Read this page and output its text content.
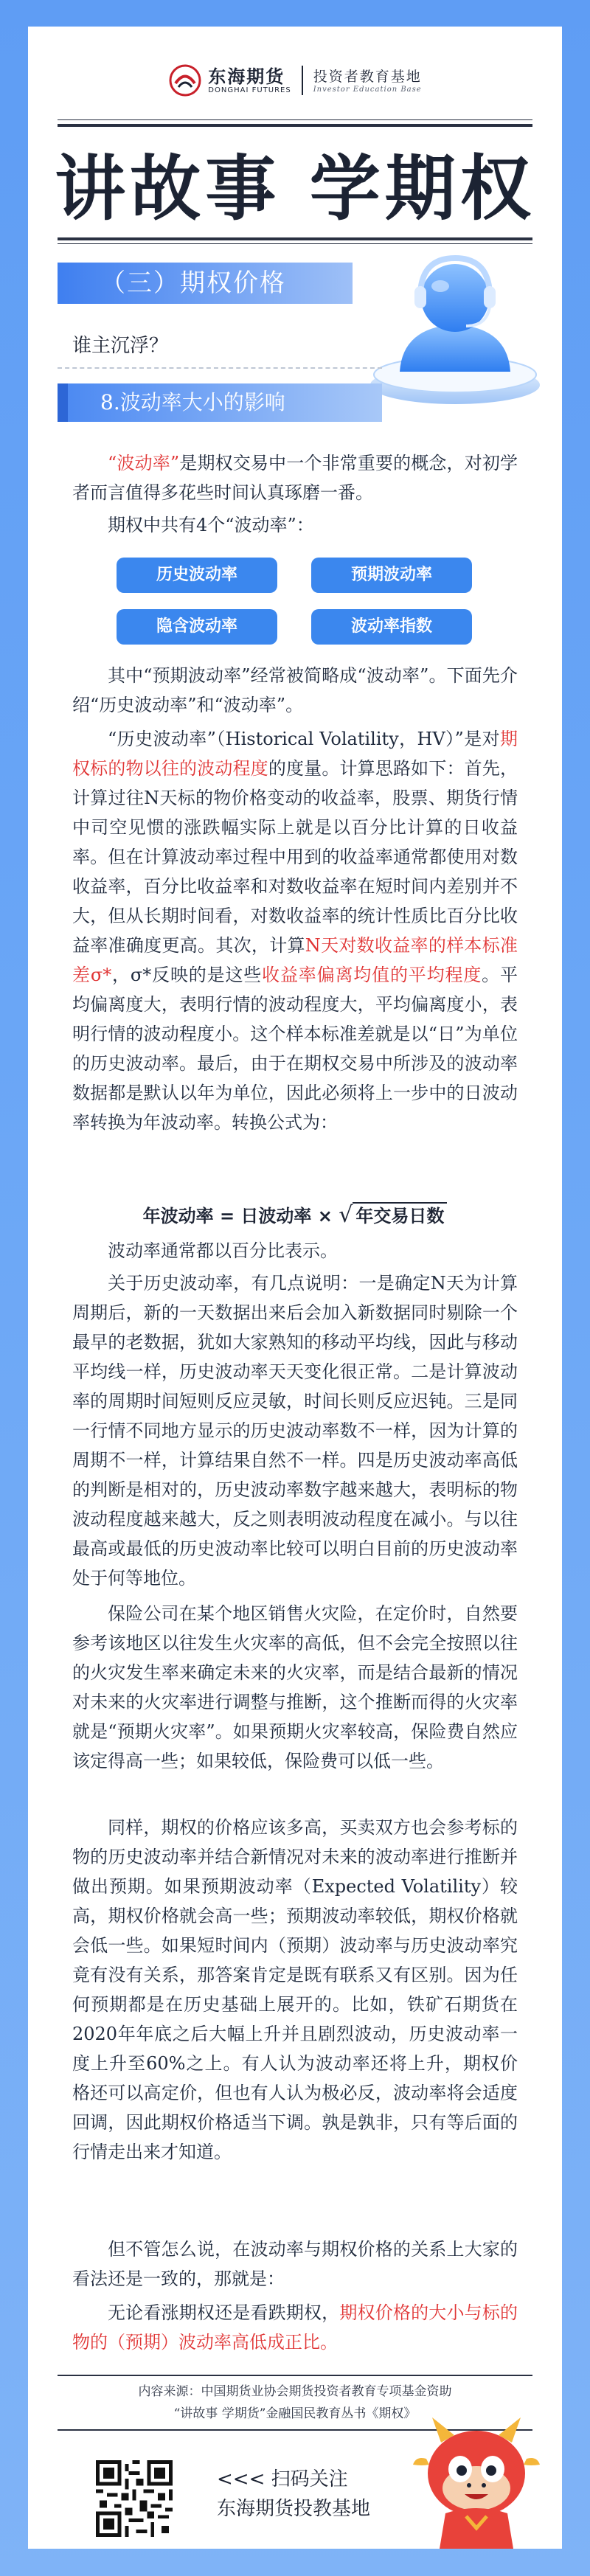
东海期货
DONGHAI FUTURES
投资者教育基地
Investor Education Base
讲故事 学期权
（三）期权价格
谁主沉浮？
8.波动率大小的影响

“波动率”是期权交易中一个非常重要的概念，对初学者而言值得多花些时间认真琢磨一番。

期权中共有4个“波动率”：

历史波动率	预期波动率
隐含波动率	波动率指数

其中“预期波动率”经常被简略成“波动率”。下面先介绍“历史波动率”和“波动率”。

“历史波动率”（Historical Volatility，HV）”是对期权标的物以往的波动程度的度量。计算思路如下：首先，计算过往N天标的物价格变动的收益率，股票、期货行情中司空见惯的涨跌幅实际上就是以百分比计算的日收益率。但在计算波动率过程中用到的收益率通常都使用对数收益率，百分比收益率和对数收益率在短时间内差别并不大，但从长期时间看，对数收益率的统计性质比百分比收益率准确度更高。其次，计算N天对数收益率的样本标准差σ*，σ*反映的是这些收益率偏离均值的平均程度。平均偏离度大，表明行情的波动程度大，平均偏离度小，表明行情的波动程度小。这个样本标准差就是以“日”为单位的历史波动率。最后，由于在期权交易中所涉及的波动率数据都是默认以年为单位，因此必须将上一步中的日波动率转换为年波动率。转换公式为：

年波动率 = 日波动率 × √ 年交易日数

波动率通常都以百分比表示。

关于历史波动率，有几点说明：一是确定N天为计算周期后，新的一天数据出来后会加入新数据同时剔除一个最早的老数据，犹如大家熟知的移动平均线，因此与移动平均线一样，历史波动率天天变化很正常。二是计算波动率的周期时间短则反应灵敏，时间长则反应迟钝。三是同一行情不同地方显示的历史波动率数不一样，因为计算的周期不一样，计算结果自然不一样。四是历史波动率高低的判断是相对的，历史波动率数字越来越大，表明标的物波动程度越来越大，反之则表明波动程度在减小。与以往最高或最低的历史波动率比较可以明白目前的历史波动率处于何等地位。

保险公司在某个地区销售火灾险，在定价时，自然要参考该地区以往发生火灾率的高低，但不会完全按照以往的火灾发生率来确定未来的火灾率，而是结合最新的情况对未来的火灾率进行调整与推断，这个推断而得的火灾率就是“预期火灾率”。如果预期火灾率较高，保险费自然应该定得高一些；如果较低，保险费可以低一些。

同样，期权的价格应该多高，买卖双方也会参考标的物的历史波动率并结合新情况对未来的波动率进行推断并做出预期。如果预期波动率（Expected Volatility）较高，期权价格就会高一些；预期波动率较低，期权价格就会低一些。如果短时间内（预期）波动率与历史波动率究竟有没有关系，那答案肯定是既有联系又有区别。因为任何预期都是在历史基础上展开的。比如，铁矿石期货在2020年年底之后大幅上升并且剧烈波动，历史波动率一度上升至60%之上。有人认为波动率还将上升，期权价格还可以高定价，但也有人认为极必反，波动率将会适度回调，因此期权价格适当下调。孰是孰非，只有等后面的行情走出来才知道。

但不管怎么说，在波动率与期权价格的关系上大家的看法还是一致的，那就是：

无论看涨期权还是看跌期权，期权价格的大小与标的物的（预期）波动率高低成正比。

内容来源：中国期货业协会期货投资者教育专项基金资助
“讲故事 学期货”金融国民教育丛书《期权》
<<< 扫码关注
东海期货投教基地
